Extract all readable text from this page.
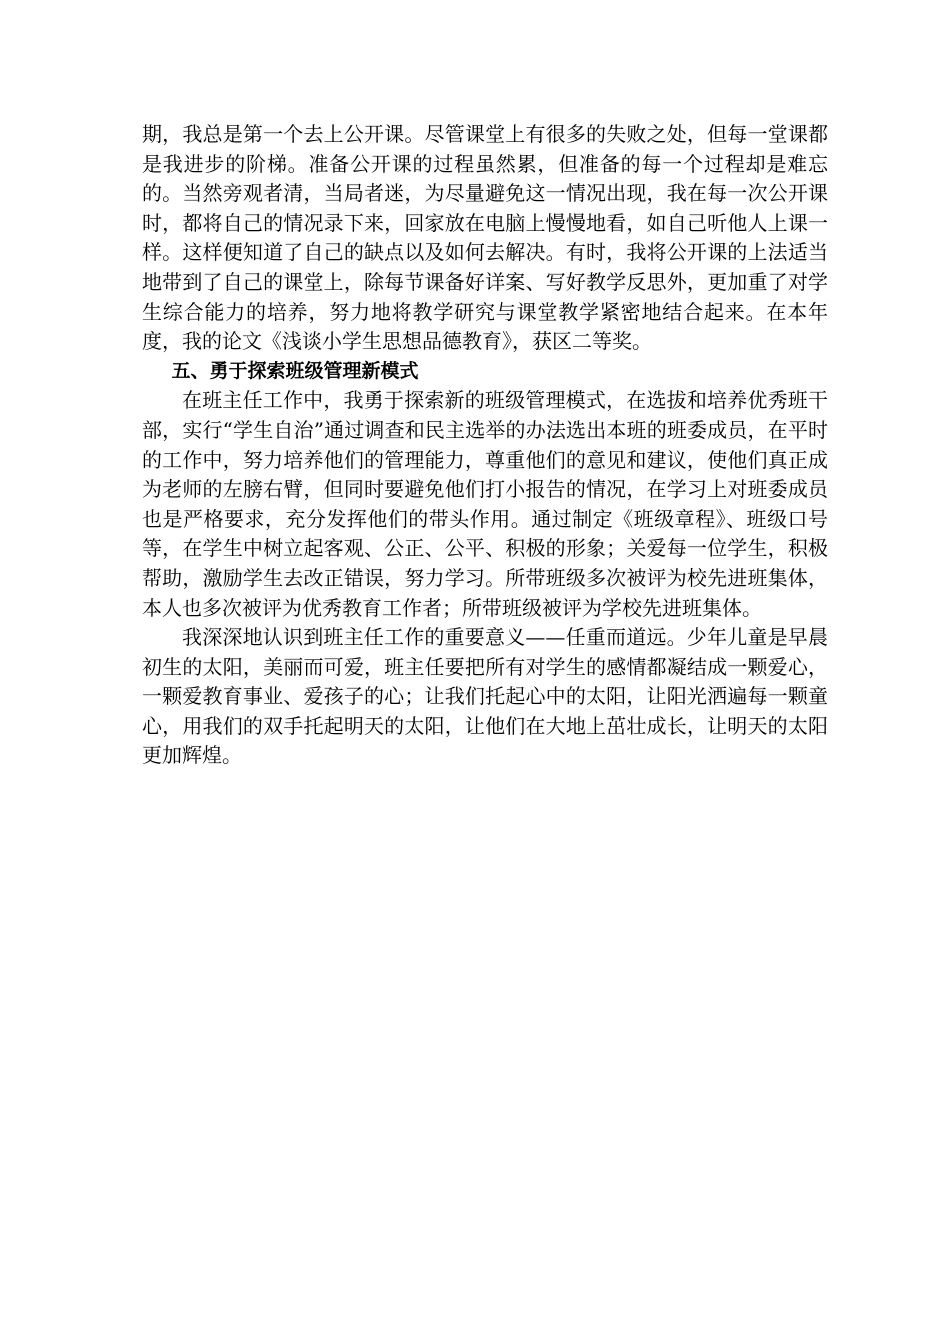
期，我总是第一个去上公开课。尽管课堂上有很多的失败之处，但每一堂课都是我进步的阶梯。准备公开课的过程虽然累，但准备的每一个过程却是难忘的。当然旁观者清，当局者迷，为尽量避免这一情况出现，我在每一次公开课时，都将自己的情况录下来，回家放在电脑上慢慢地看，如自己听他人上课一样。这样便知道了自己的缺点以及如何去解决。有时，我将公开课的上法适当地带到了自己的课堂上，除每节课备好详案、写好教学反思外，更加重了对学生综合能力的培养，努力地将教学研究与课堂教学紧密地结合起来。在本年度，我的论文《浅谈小学生思想品德教育》，获区二等奖。

五、勇于探索班级管理新模式

在班主任工作中，我勇于探索新的班级管理模式，在选拔和培养优秀班干部，实行“学生自治”通过调查和民主选举的办法选出本班的班委成员，在平时的工作中，努力培养他们的管理能力，尊重他们的意见和建议，使他们真正成为老师的左膀右臂，但同时要避免他们打小报告的情况，在学习上对班委成员也是严格要求，充分发挥他们的带头作用。通过制定《班级章程》、班级口号等，在学生中树立起客观、公正、公平、积极的形象；关爱每一位学生，积极帮助，激励学生去改正错误，努力学习。所带班级多次被评为校先进班集体，本人也多次被评为优秀教育工作者；所带班级被评为学校先进班集体。

我深深地认识到班主任工作的重要意义——任重而道远。少年儿童是早晨初生的太阳，美丽而可爱，班主任要把所有对学生的感情都凝结成一颗爱心，一颗爱教育事业、爱孩子的心；让我们托起心中的太阳，让阳光洒遍每一颗童心，用我们的双手托起明天的太阳，让他们在大地上茁壮成长，让明天的太阳更加辉煌。
